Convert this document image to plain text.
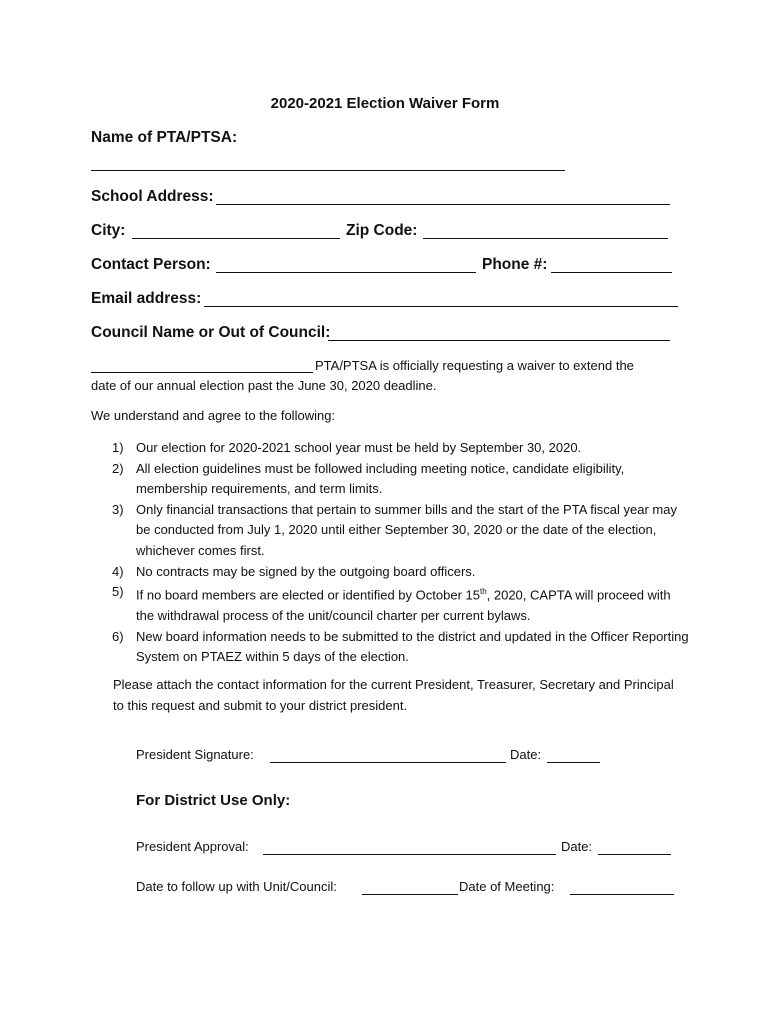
2020-2021 Election Waiver Form
Name of PTA/PTSA:
School Address:
City:	Zip Code:
Contact Person:	Phone #:
Email address:
Council Name or Out of Council:
PTA/PTSA is officially requesting a waiver to extend the
date of our annual election past the June 30, 2020 deadline.
We understand and agree to the following:
1) Our election for 2020-2021 school year must be held by September 30, 2020.
2) All election guidelines must be followed including meeting notice, candidate eligibility, membership requirements, and term limits.
3) Only financial transactions that pertain to summer bills and the start of the PTA fiscal year may be conducted from July 1, 2020 until either September 30, 2020 or the date of the election, whichever comes first.
4) No contracts may be signed by the outgoing board officers.
5) If no board members are elected or identified by October 15th, 2020, CAPTA will proceed with the withdrawal process of the unit/council charter per current bylaws.
6) New board information needs to be submitted to the district and updated in the Officer Reporting System on PTAEZ within 5 days of the election.
Please attach the contact information for the current President, Treasurer, Secretary and Principal to this request and submit to your district president.
President Signature:	Date:
For District Use Only:
President Approval:	Date:
Date to follow up with Unit/Council:	Date of Meeting:
